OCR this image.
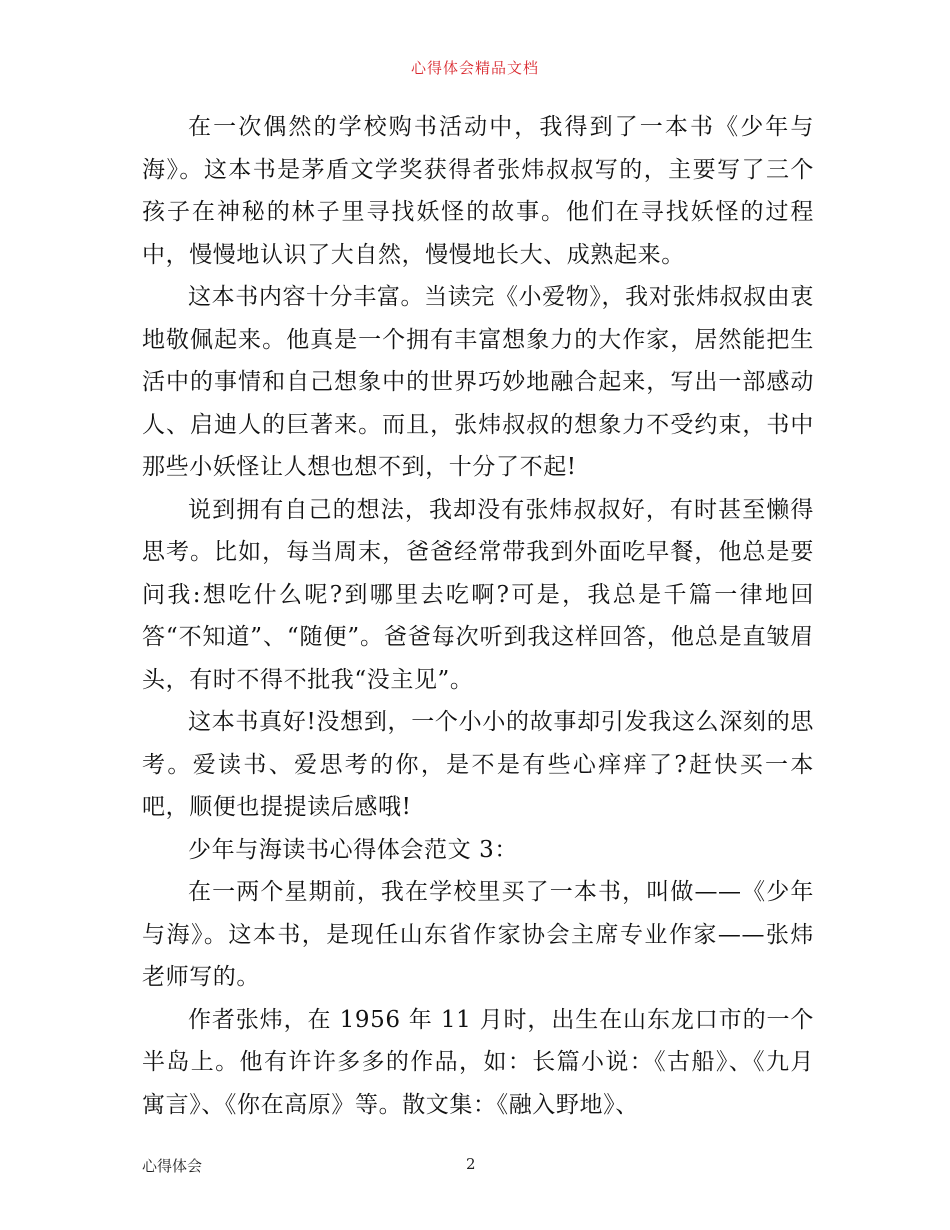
心得体会精品文档

在一次偶然的学校购书活动中，我得到了一本书《少年与海》。这本书是茅盾文学奖获得者张炜叔叔写的，主要写了三个孩子在神秘的林子里寻找妖怪的故事。他们在寻找妖怪的过程中，慢慢地认识了大自然，慢慢地长大、成熟起来。

这本书内容十分丰富。当读完《小爱物》，我对张炜叔叔由衷地敬佩起来。他真是一个拥有丰富想象力的大作家，居然能把生活中的事情和自己想象中的世界巧妙地融合起来，写出一部感动人、启迪人的巨著来。而且，张炜叔叔的想象力不受约束，书中那些小妖怪让人想也想不到，十分了不起!

说到拥有自己的想法，我却没有张炜叔叔好，有时甚至懒得思考。比如，每当周末，爸爸经常带我到外面吃早餐，他总是要问我:想吃什么呢?到哪里去吃啊?可是，我总是千篇一律地回答“不知道”、“随便”。爸爸每次听到我这样回答，他总是直皱眉头，有时不得不批我“没主见”。

这本书真好!没想到，一个小小的故事却引发我这么深刻的思考。爱读书、爱思考的你，是不是有些心痒痒了?赶快买一本吧，顺便也提提读后感哦!

少年与海读书心得体会范文 3：

在一两个星期前，我在学校里买了一本书，叫做——《少年与海》。这本书，是现任山东省作家协会主席专业作家——张炜老师写的。

作者张炜，在 1956 年 11 月时，出生在山东龙口市的一个半岛上。他有许许多多的作品，如：长篇小说：《古船》、《九月寓言》、《你在高原》等。散文集：《融入野地》、

心得体会	2
